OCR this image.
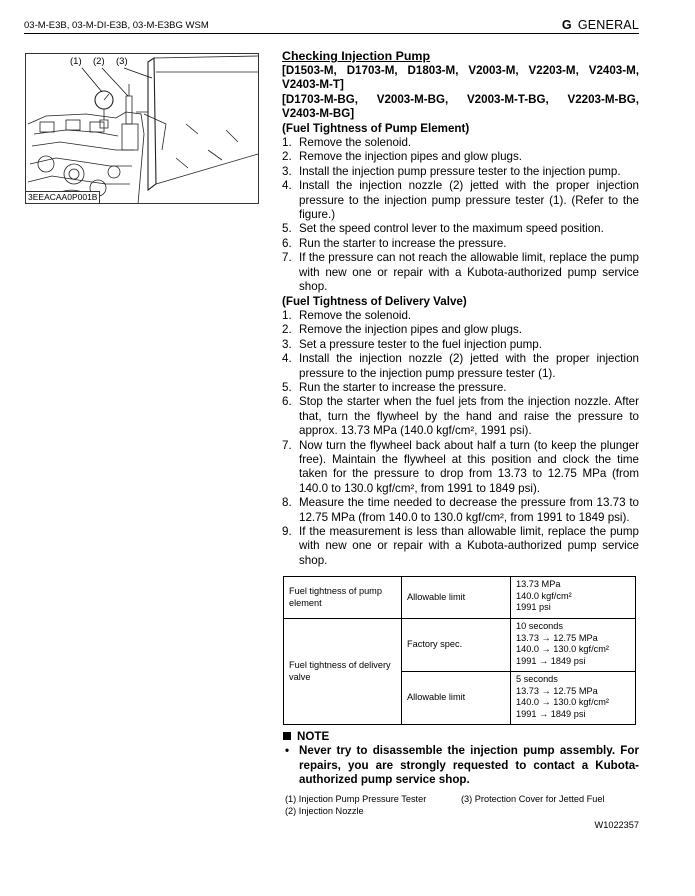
03-M-E3B, 03-M-DI-E3B, 03-M-E3BG WSM	G GENERAL
(1) (2) (3)
3EEACAA0P001B
Checking Injection Pump
[D1503-M, D1703-M, D1803-M, V2003-M, V2203-M, V2403-M,
V2403-M-T]
[D1703-M-BG, V2003-M-BG, V2003-M-T-BG, V2203-M-BG,
V2403-M-BG]
(Fuel Tightness of Pump Element)
1. Remove the solenoid.
2. Remove the injection pipes and glow plugs.
3. Install the injection pump pressure tester to the injection pump.
4. Install the injection nozzle (2) jetted with the proper injection pressure to the injection pump pressure tester (1). (Refer to the figure.)
5. Set the speed control lever to the maximum speed position.
6. Run the starter to increase the pressure.
7. If the pressure can not reach the allowable limit, replace the pump with new one or repair with a Kubota-authorized pump service shop.
(Fuel Tightness of Delivery Valve)
1. Remove the solenoid.
2. Remove the injection pipes and glow plugs.
3. Set a pressure tester to the fuel injection pump.
4. Install the injection nozzle (2) jetted with the proper injection pressure to the injection pump pressure tester (1).
5. Run the starter to increase the pressure.
6. Stop the starter when the fuel jets from the injection nozzle. After that, turn the flywheel by the hand and raise the pressure to approx. 13.73 MPa (140.0 kgf/cm², 1991 psi).
7. Now turn the flywheel back about half a turn (to keep the plunger free). Maintain the flywheel at this position and clock the time taken for the pressure to drop from 13.73 to 12.75 MPa (from 140.0 to 130.0 kgf/cm², from 1991 to 1849 psi).
8. Measure the time needed to decrease the pressure from 13.73 to 12.75 MPa (from 140.0 to 130.0 kgf/cm², from 1991 to 1849 psi).
9. If the measurement is less than allowable limit, replace the pump with new one or repair with a Kubota-authorized pump service shop.
Fuel tightness of pump element	Allowable limit	13.73 MPa
140.0 kgf/cm²
1991 psi

Fuel tightness of delivery valve	Factory spec.	10 seconds
13.73 → 12.75 MPa
140.0 → 130.0 kgf/cm²
1991 → 1849 psi

	Allowable limit	5 seconds
13.73 → 12.75 MPa
140.0 → 130.0 kgf/cm²
1991 → 1849 psi
NOTE
• Never try to disassemble the injection pump assembly. For repairs, you are strongly requested to contact a Kubota-authorized pump service shop.
(1) Injection Pump Pressure Tester	(3) Protection Cover for Jetted Fuel
(2) Injection Nozzle
W1022357
